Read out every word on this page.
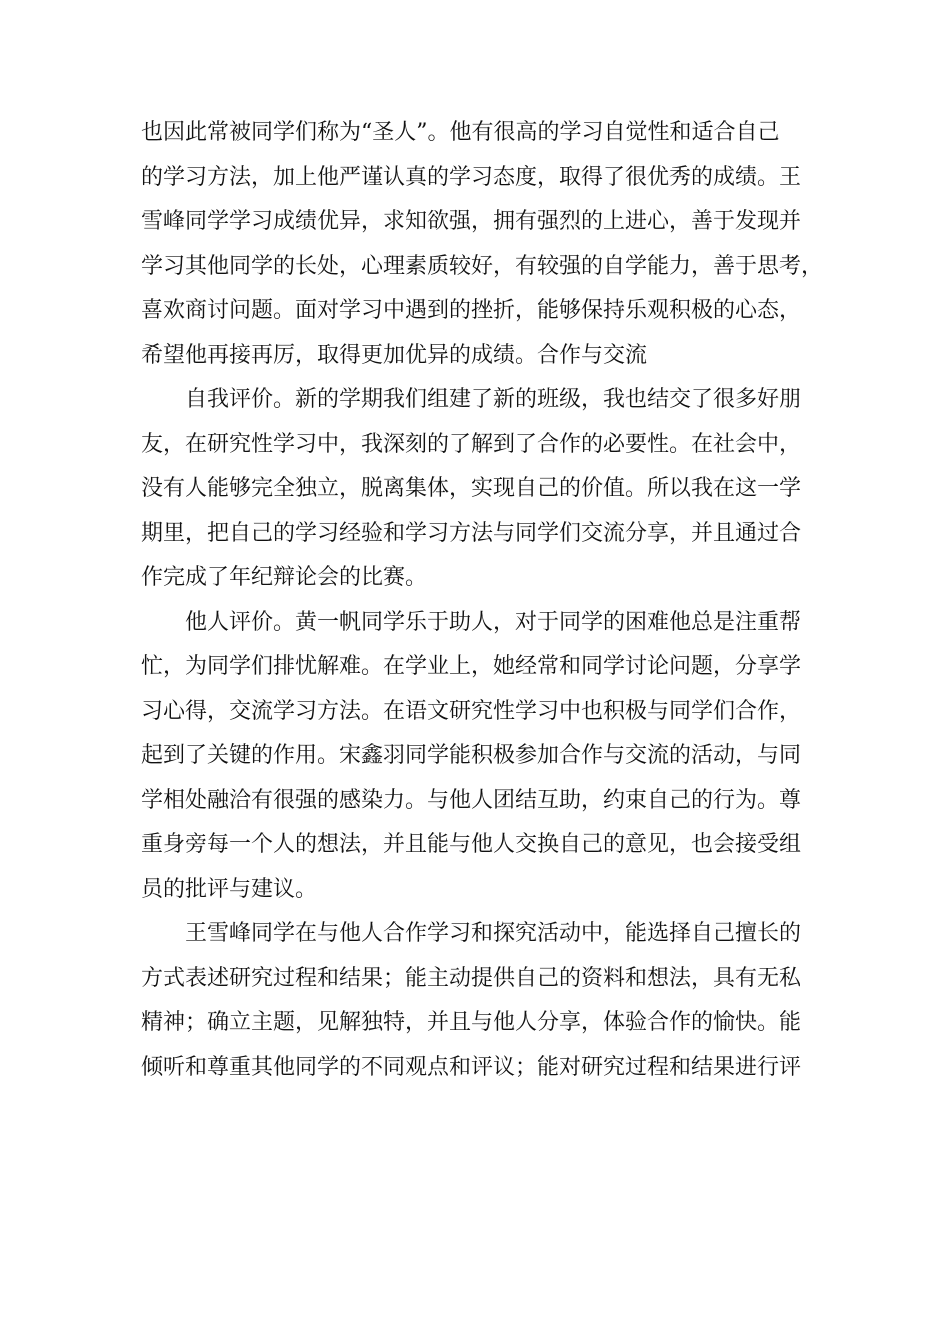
也因此常被同学们称为“圣人”。他有很高的学习自觉性和适合自己
的学习方法，加上他严谨认真的学习态度，取得了很优秀的成绩。王
雪峰同学学习成绩优异，求知欲强，拥有强烈的上进心，善于发现并
学习其他同学的长处，心理素质较好，有较强的自学能力，善于思考，
喜欢商讨问题。面对学习中遇到的挫折，能够保持乐观积极的心态，
希望他再接再厉，取得更加优异的成绩。合作与交流
自我评价。新的学期我们组建了新的班级，我也结交了很多好朋
友，在研究性学习中，我深刻的了解到了合作的必要性。在社会中，
没有人能够完全独立，脱离集体，实现自己的价值。所以我在这一学
期里，把自己的学习经验和学习方法与同学们交流分享，并且通过合
作完成了年纪辩论会的比赛。
他人评价。黄一帆同学乐于助人，对于同学的困难他总是注重帮
忙，为同学们排忧解难。在学业上，她经常和同学讨论问题，分享学
习心得，交流学习方法。在语文研究性学习中也积极与同学们合作，
起到了关键的作用。宋鑫羽同学能积极参加合作与交流的活动，与同
学相处融洽有很强的感染力。与他人团结互助，约束自己的行为。尊
重身旁每一个人的想法，并且能与他人交换自己的意见，也会接受组
员的批评与建议。
王雪峰同学在与他人合作学习和探究活动中，能选择自己擅长的
方式表述研究过程和结果；能主动提供自己的资料和想法，具有无私
精神；确立主题，见解独特，并且与他人分享，体验合作的愉快。能
倾听和尊重其他同学的不同观点和评议；能对研究过程和结果进行评
